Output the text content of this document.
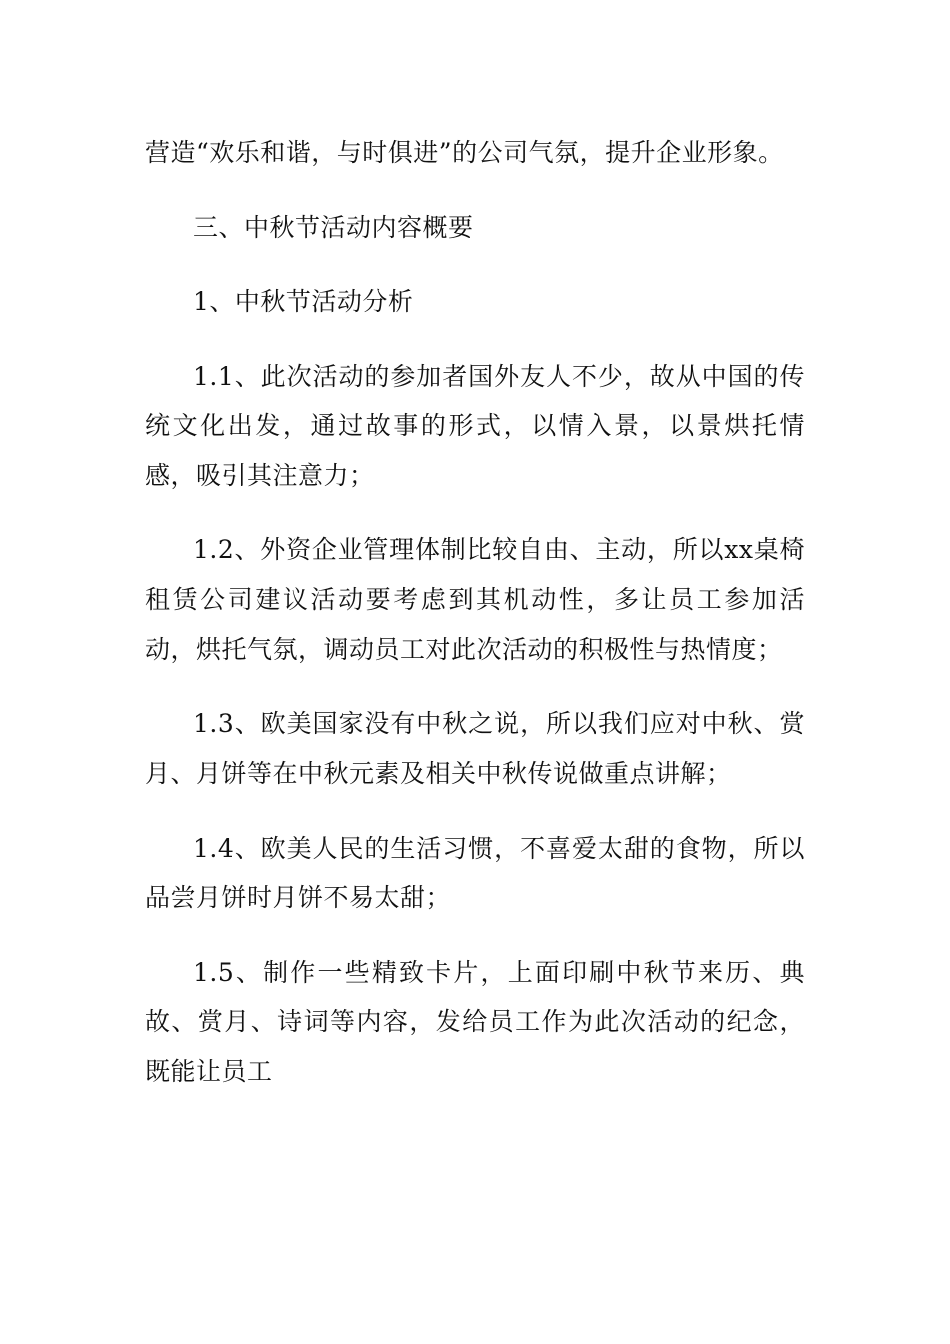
营造“欢乐和谐，与时俱进”的公司气氛，提升企业形象。

三、中秋节活动内容概要

1、中秋节活动分析

1.1、此次活动的参加者国外友人不少，故从中国的传统文化出发，通过故事的形式，以情入景，以景烘托情感，吸引其注意力；

1.2、外资企业管理体制比较自由、主动，所以xx桌椅租赁公司建议活动要考虑到其机动性，多让员工参加活动，烘托气氛，调动员工对此次活动的积极性与热情度；

1.3、欧美国家没有中秋之说，所以我们应对中秋、赏月、月饼等在中秋元素及相关中秋传说做重点讲解；

1.4、欧美人民的生活习惯，不喜爱太甜的食物，所以品尝月饼时月饼不易太甜；

1.5、制作一些精致卡片，上面印刷中秋节来历、典故、赏月、诗词等内容，发给员工作为此次活动的纪念，既能让员工
